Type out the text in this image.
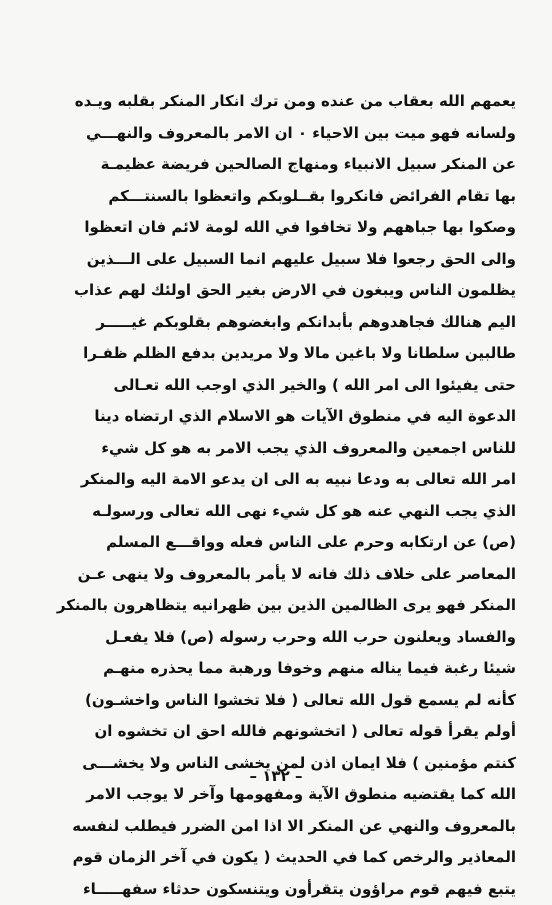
يعمهم الله بعقاب من عنده ومن ترك انكار المنكر بقلبه ويـده
ولسانه فهو ميت بين الاحياء ٠ ان الامر بالمعروف والنهـــي
عن المنكر سبيل الانبياء ومنهاج الصالحين فريضة عظيمـة
بها تقام الفرائض فانكروا بقــلوبكم واتعظوا بالسنتـــكم
وصكوا بها جباههم ولا تخافوا في الله لومة لائم فان اتعظوا
والى الحق رجعوا فلا سبيل عليهم انما السبيل على الـــذين
يظلمون الناس ويبغون في الارض بغير الحق اولئك لهم عذاب
اليم هنالك فجاهدوهم بأبدانكم وابغضوهم بقلوبكم غيـــــر
طالبين سلطانا ولا باغين مالا ولا مريدين بدفع الظلم ظفـرا
حتى يفيئوا الى امر الله ) والخير الذي اوجب الله تعـالى
الدعوة اليه في منطوق الآيات هو الاسلام الذي ارتضاه دينا
للناس اجمعين والمعروف الذي يجب الامر به هو كل شيء
امر الله تعالى به ودعا نبيه به الى ان يدعو الامة اليه والمنكر
الذي يجب النهي عنه هو كل شيء نهى الله تعالى ورسولـه
(ص) عن ارتكابه وحرم على الناس فعله وواقـــع المسلم
المعاصر على خلاف ذلك فانه لا يأمر بالمعروف ولا ينهى عـن
المنكر فهو يرى الظالمين الذين بين ظهرانيه يتظاهرون بالمنكر
والفساد ويعلنون حرب الله وحرب رسوله (ص) فلا يفعـل
شيئا رغبة فيما يناله منهم وخوفا ورهبة مما يحذره منهـم
كأنه لم يسمع قول الله تعالى ( فلا تخشوا الناس واخشـون)
أولم يقرأ قوله تعالى ( اتخشونهم فالله احق ان تخشوه ان
كنتم مؤمنين ) فلا ايمان اذن لمن يخشى الناس ولا يخشـــى
الله كما يقتضيه منطوق الآية ومفهومها وآخر لا يوجب الامر
بالمعروف والنهي عن المنكر الا اذا امن الضرر فيطلب لنفسه
المعاذير والرخص كما في الحديث ( يكون في آخر الزمان قوم
يتبع فيهم قوم مراؤون يتقرأون ويتنسكون حدثاء سفهـــــاء
– ١٣٢ –
